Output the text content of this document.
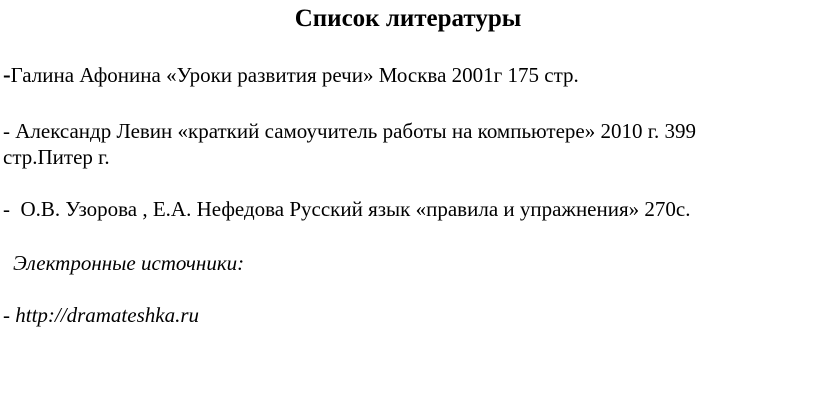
Список литературы
-Галина Афонина «Уроки развития речи» Москва 2001г 175 стр.
- Александр Левин «краткий самоучитель работы на компьютере» 2010 г. 399
стр.Питер г.
-  О.В. Узорова , Е.А. Нефедова Русский язык «правила и упражнения» 270с.
Электронные источники:
- http://dramateshka.ru
